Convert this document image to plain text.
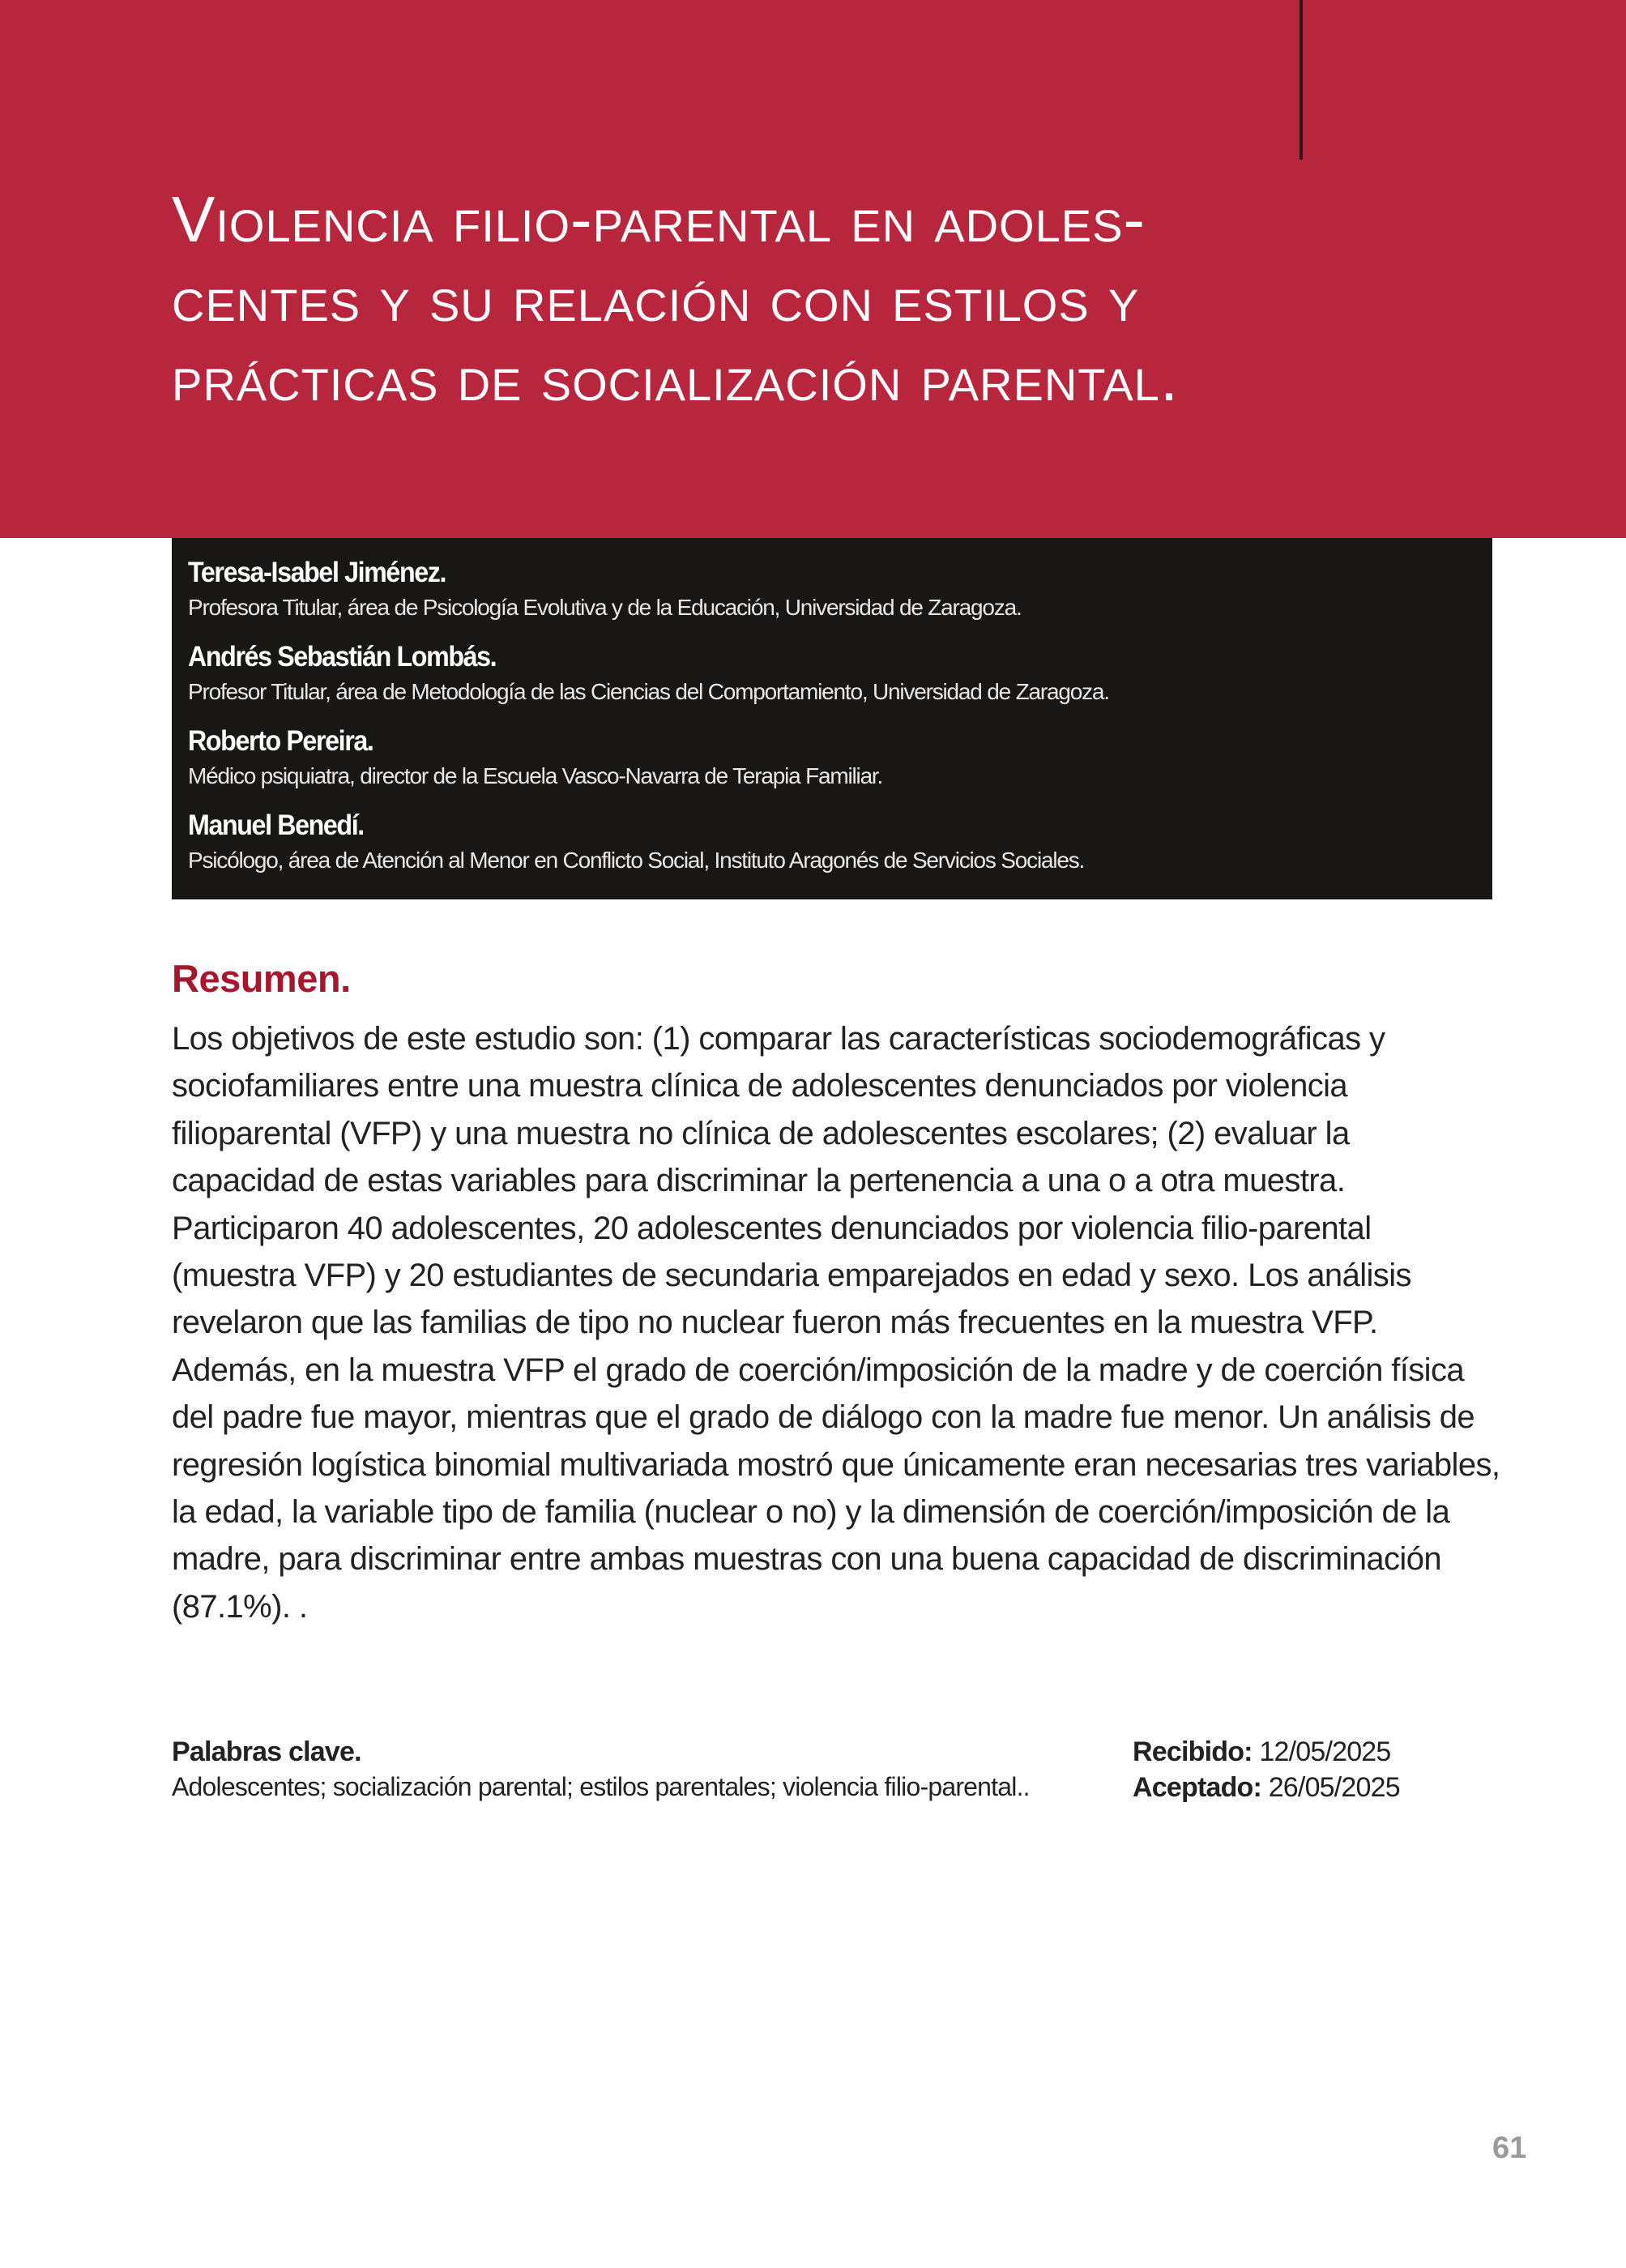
Violencia filio-parental en adoles-
centes y su relación con estilos y
prácticas de socialización parental.
Teresa-Isabel Jiménez.
Profesora Titular, área de Psicología Evolutiva y de la Educación, Universidad de Zaragoza.
Andrés Sebastián Lombás.
Profesor Titular, área de Metodología de las Ciencias del Comportamiento, Universidad de Zaragoza.
Roberto Pereira.
Médico psiquiatra, director de la Escuela Vasco-Navarra de Terapia Familiar.
Manuel Benedí.
Psicólogo, área de Atención al Menor en Conflicto Social, Instituto Aragonés de Servicios Sociales.
Resumen.
Los objetivos de este estudio son: (1) comparar las características sociodemográficas y sociofamiliares entre una muestra clínica de adolescentes denunciados por violencia filioparental (VFP) y una muestra no clínica de adolescentes escolares; (2) evaluar la capacidad de estas variables para discriminar la pertenencia a una o a otra muestra. Participaron 40 adolescentes, 20 adolescentes denunciados por violencia filio-parental (muestra VFP) y 20 estudiantes de secundaria emparejados en edad y sexo. Los análisis revelaron que las familias de tipo no nuclear fueron más frecuentes en la muestra VFP. Además, en la muestra VFP el grado de coerción/imposición de la madre y de coerción física del padre fue mayor, mientras que el grado de diálogo con la madre fue menor. Un análisis de regresión logística binomial multivariada mostró que únicamente eran necesarias tres variables, la edad, la variable tipo de familia (nuclear o no) y la dimensión de coerción/imposición de la madre, para discriminar entre ambas muestras con una buena capacidad de discriminación (87.1%). .
Palabras clave.
Adolescentes; socialización parental; estilos parentales; violencia filio-parental..
Recibido: 12/05/2025
Aceptado: 26/05/2025
61
